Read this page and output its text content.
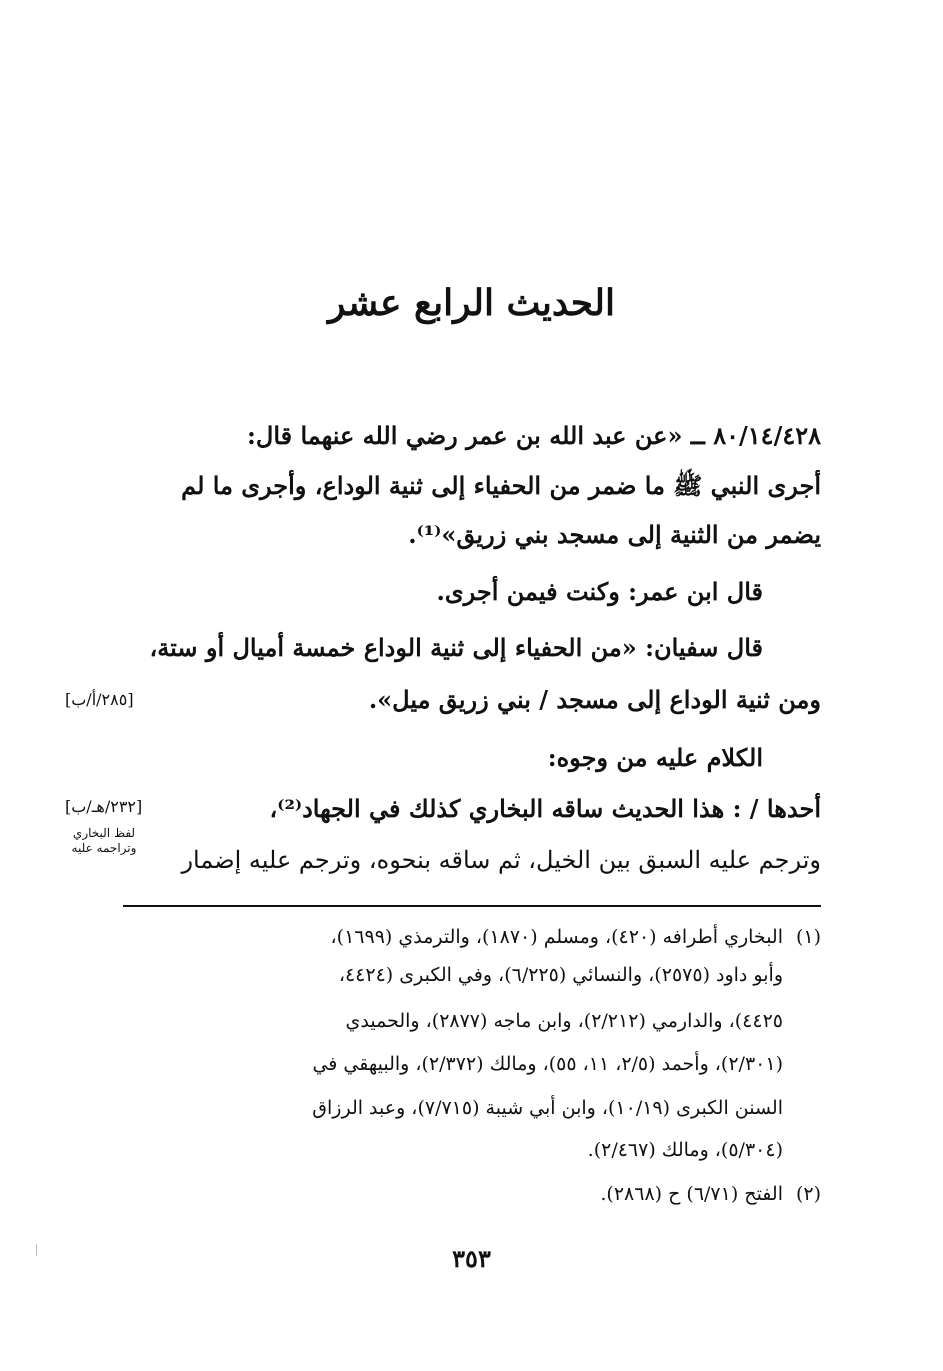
الحديث الرابع عشر
٨٠/١٤/٤٢٨ ــ «عن عبد الله بن عمر رضي الله عنهما قال:
أجرى النبي ﷺ ما ضمر من الحفياء إلى ثنية الوداع، وأجرى ما لم
يضمر من الثنية إلى مسجد بني زريق»⁽¹⁾.
قال ابن عمر: وكنت فيمن أجرى.
قال سفيان: «من الحفياء إلى ثنية الوداع خمسة أميال أو ستة،
ومن ثنية الوداع إلى مسجد / بني زريق ميل».
[٢٨٥/أ/ب]
الكلام عليه من وجوه:
أحدها / : هذا الحديث ساقه البخاري كذلك في الجهاد⁽²⁾،
[٢٣٢/هـ/ب]
لفظ البخاري وتراجمه عليه	وترجم عليه السبق بين الخيل، ثم ساقه بنحوه، وترجم عليه إضمار
(١)
البخاري أطرافه (٤٢٠)، ومسلم (١٨٧٠)، والترمذي (١٦٩٩)،
وأبو داود (٢٥٧٥)، والنسائي (٦/٢٢٥)، وفي الكبرى (٤٤٢٤،
٤٤٢٥)، والدارمي (٢/٢١٢)، وابن ماجه (٢٨٧٧)، والحميدي
(٢/٣٠١)، وأحمد (٢/٥، ١١، ٥٥)، ومالك (٢/٣٧٢)، والبيهقي في
السنن الكبرى (١٠/١٩)، وابن أبي شيبة (٧/٧١٥)، وعبد الرزاق
(٥/٣٠٤)، ومالك (٢/٤٦٧).
(٢)
الفتح (٦/٧١) ح (٢٨٦٨).
٣٥٣
